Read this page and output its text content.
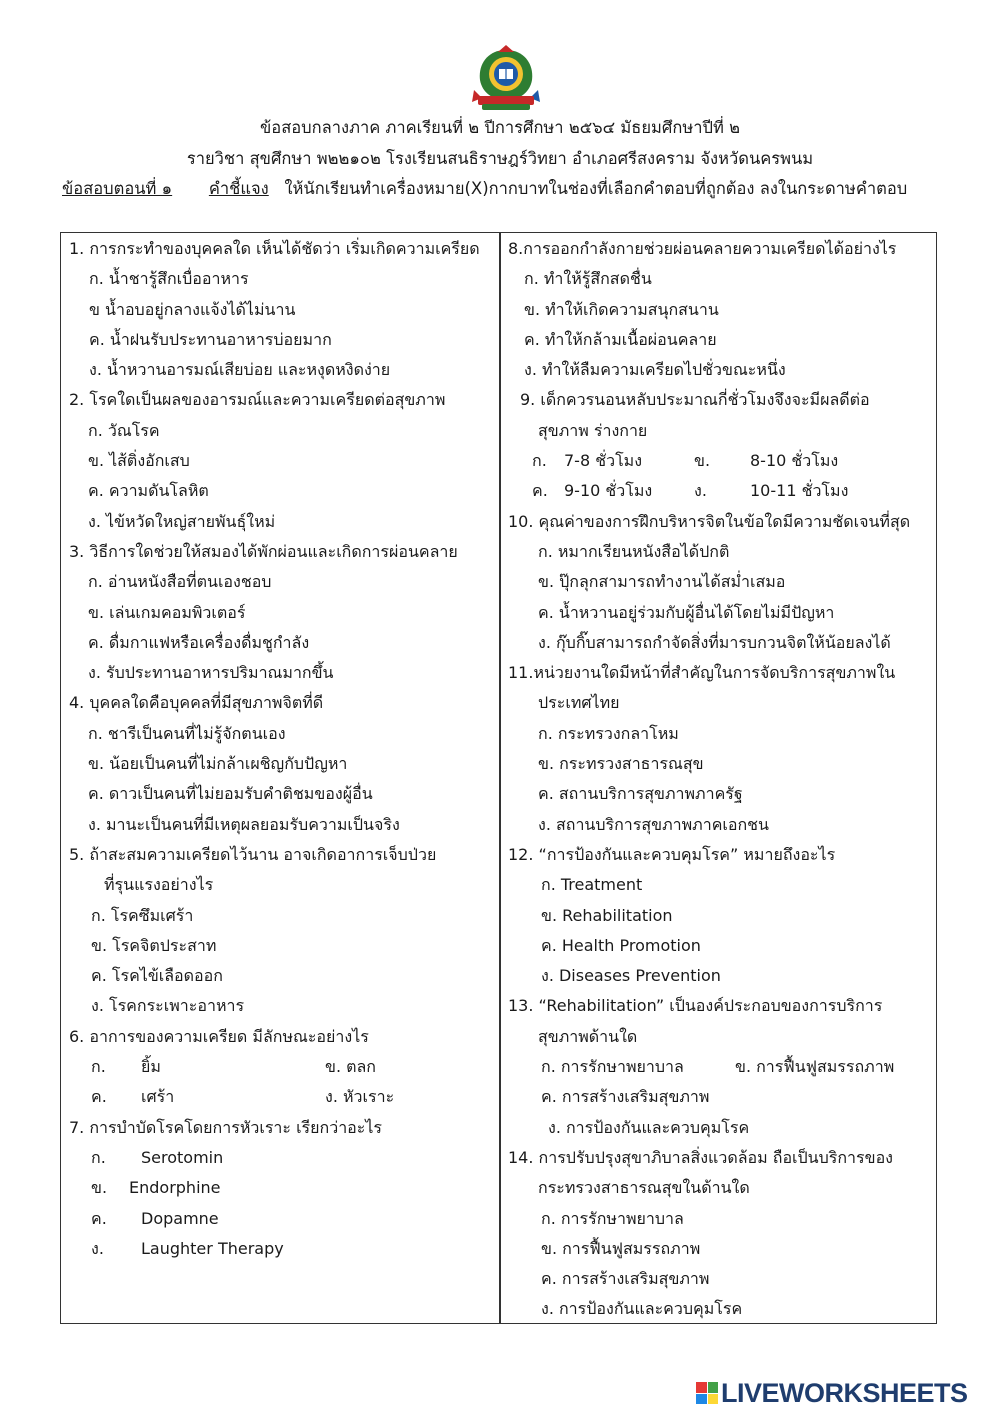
ข้อสอบกลางภาค ภาคเรียนที่ ๒ ปีการศึกษา ๒๕๖๔ มัธยมศึกษาปีที่ ๒
รายวิชา สุขศึกษา พ๒๒๑๐๒ โรงเรียนสนธิราษฎร์วิทยา อำเภอศรีสงคราม จังหวัดนครพนม
ข้อสอบตอนที่ ๑ คำชี้แจง ให้นักเรียนทำเครื่องหมาย(X)กากบาทในช่องที่เลือกคำตอบที่ถูกต้อง ลงในกระดาษคำตอบ
1. การกระทำของบุคคลใด เห็นได้ชัดว่า เริ่มเกิดความเครียด
ก. น้ำชารู้สึกเบื่ออาหาร
ข น้ำอบอยู่กลางแจ้งได้ไม่นาน
ค. น้ำฝนรับประทานอาหารบ่อยมาก
ง. น้ำหวานอารมณ์เสียบ่อย และหงุดหงิดง่าย
2. โรคใดเป็นผลของอารมณ์และความเครียดต่อสุขภาพ
ก. วัณโรค
ข. ไส้ติ่งอักเสบ
ค. ความดันโลหิต
ง. ไข้หวัดใหญ่สายพันธุ์ใหม่
3. วิธีการใดช่วยให้สมองได้พักผ่อนและเกิดการผ่อนคลาย
ก. อ่านหนังสือที่ตนเองชอบ
ข. เล่นเกมคอมพิวเตอร์
ค. ดื่มกาแฟหรือเครื่องดื่มชูกำลัง
ง. รับประทานอาหารปริมาณมากขึ้น
4. บุคคลใดคือบุคคลที่มีสุขภาพจิตที่ดี
ก. ชารีเป็นคนที่ไม่รู้จักตนเอง
ข. น้อยเป็นคนที่ไม่กล้าเผชิญกับปัญหา
ค. ดาวเป็นคนที่ไม่ยอมรับคำติชมของผู้อื่น
ง. มานะเป็นคนที่มีเหตุผลยอมรับความเป็นจริง
5. ถ้าสะสมความเครียดไว้นาน อาจเกิดอาการเจ็บป่วย
ที่รุนแรงอย่างไร
ก. โรคซึมเศร้า
ข. โรคจิตประสาท
ค. โรคไข้เลือดออก
ง. โรคกระเพาะอาหาร
6. อาการของความเครียด มีลักษณะอย่างไร
ก.	ยิ้ม	ข. ตลก
ค. เศร้า	ง. หัวเราะ
7. การบำบัดโรคโดยการหัวเราะ เรียกว่าอะไร
ก.	Serotomin
ข. Endorphine
ค. Dopamne
ง.	Laughter Therapy
8.การออกกำลังกายช่วยผ่อนคลายความเครียดได้อย่างไร
ก. ทำให้รู้สึกสดชื่น
ข. ทำให้เกิดความสนุกสนาน
ค. ทำให้กล้ามเนื้อผ่อนคลาย
ง. ทำให้ลืมความเครียดไปชั่วขณะหนึ่ง
9. เด็กควรนอนหลับประมาณกี่ชั่วโมงจึงจะมีผลดีต่อ
สุขภาพ ร่างกาย
ก.	7-8 ชั่วโมง	ข.	8-10 ชั่วโมง
ค.	9-10 ชั่วโมง	ง.	10-11 ชั่วโมง
10. คุณค่าของการฝึกบริหารจิตในข้อใดมีความชัดเจนที่สุด
ก. หมากเรียนหนังสือได้ปกติ
ข. ปุ๊กลุกสามารถทำงานได้สม่ำเสมอ
ค. น้ำหวานอยู่ร่วมกับผู้อื่นได้โดยไม่มีปัญหา
ง. กุ๊บกิ๊บสามารถกำจัดสิ่งที่มารบกวนจิตให้น้อยลงได้
11.หน่วยงานใดมีหน้าที่สำคัญในการจัดบริการสุขภาพใน
ประเทศไทย
ก. กระทรวงกลาโหม
ข. กระทรวงสาธารณสุข
ค. สถานบริการสุขภาพภาครัฐ
ง. สถานบริการสุขภาพภาคเอกชน
12. “การป้องกันและควบคุมโรค” หมายถึงอะไร
ก. Treatment
ข. Rehabilitation
ค. Health Promotion
ง. Diseases Prevention
13. “Rehabilitation” เป็นองค์ประกอบของการบริการ
สุขภาพด้านใด
ก. การรักษาพยาบาล	ข. การฟื้นฟูสมรรถภาพ
ค. การสร้างเสริมสุขภาพ
ง. การป้องกันและควบคุมโรค
14. การปรับปรุงสุขาภิบาลสิ่งแวดล้อม ถือเป็นบริการของ
กระทรวงสาธารณสุขในด้านใด
ก. การรักษาพยาบาล
ข. การฟื้นฟูสมรรถภาพ
ค. การสร้างเสริมสุขภาพ
ง. การป้องกันและควบคุมโรค
LIVEWORKSHEETS
